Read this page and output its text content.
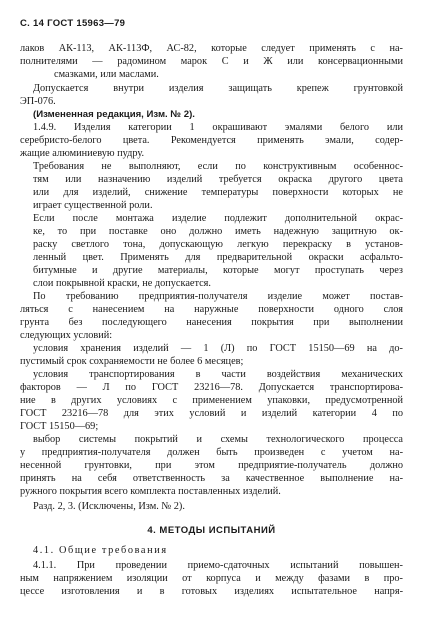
С. 14 ГОСТ 15963—79
лаков АК-113, АК-113Ф, АС-82, которые следует применять с на-
полнителями — радомином марок С и Ж или консервационными
смазками, или маслами.
Допускается внутри изделия защищать крепеж грунтовкой
ЭП-076.
(Измененная редакция, Изм. № 2).
1.4.9. Изделия категории 1 окрашивают эмалями белого или
серебристо-белого цвета. Рекомендуется применять эмали, содер-
жащие алюминиевую пудру.
Требования не выполняют, если по конструктивным особеннос-
тям или назначению изделий требуется окраска другого цвета
или для изделий, снижение температуры поверхности которых не
играет существенной роли.
Если после монтажа изделие подлежит дополнительной окрас-
ке, то при поставке оно должно иметь надежную защитную ок-
раску светлого тона, допускающую легкую перекраску в установ-
ленный цвет. Применять для предварительной окраски асфальто-
битумные и другие материалы, которые могут проступать через
слои покрывной краски, не допускается.
По требованию предприятия-получателя изделие может постав-
ляться с нанесением на наружные поверхности одного слоя
грунта без последующего нанесения покрытия при выполнении
следующих условий:
условия хранения изделий — 1 (Л) по ГОСТ 15150—69 на до-
пустимый срок сохраняемости не более 6 месяцев;
условия транспортирования в части воздействия механических
факторов — Л по ГОСТ 23216—78. Допускается транспортирова-
ние в других условиях с применением упаковки, предусмотренной
ГОСТ 23216—78 для этих условий и изделий категории 4 по
ГОСТ 15150—69;
выбор системы покрытий и схемы технологического процесса
у предприятия-получателя должен быть произведен с учетом на-
несенной грунтовки, при этом предприятие-получатель должно
принять на себя ответственность за качественное выполнение на-
ружного покрытия всего комплекта поставленных изделий.
Разд. 2, 3. (Исключены, Изм. № 2).
4. МЕТОДЫ ИСПЫТАНИЙ
4.1. Общие требования
4.1.1. При проведении приемо-сдаточных испытаний повышен-
ным напряжением изоляции от корпуса и между фазами в про-
цессе изготовления и в готовых изделиях испытательное напря-
